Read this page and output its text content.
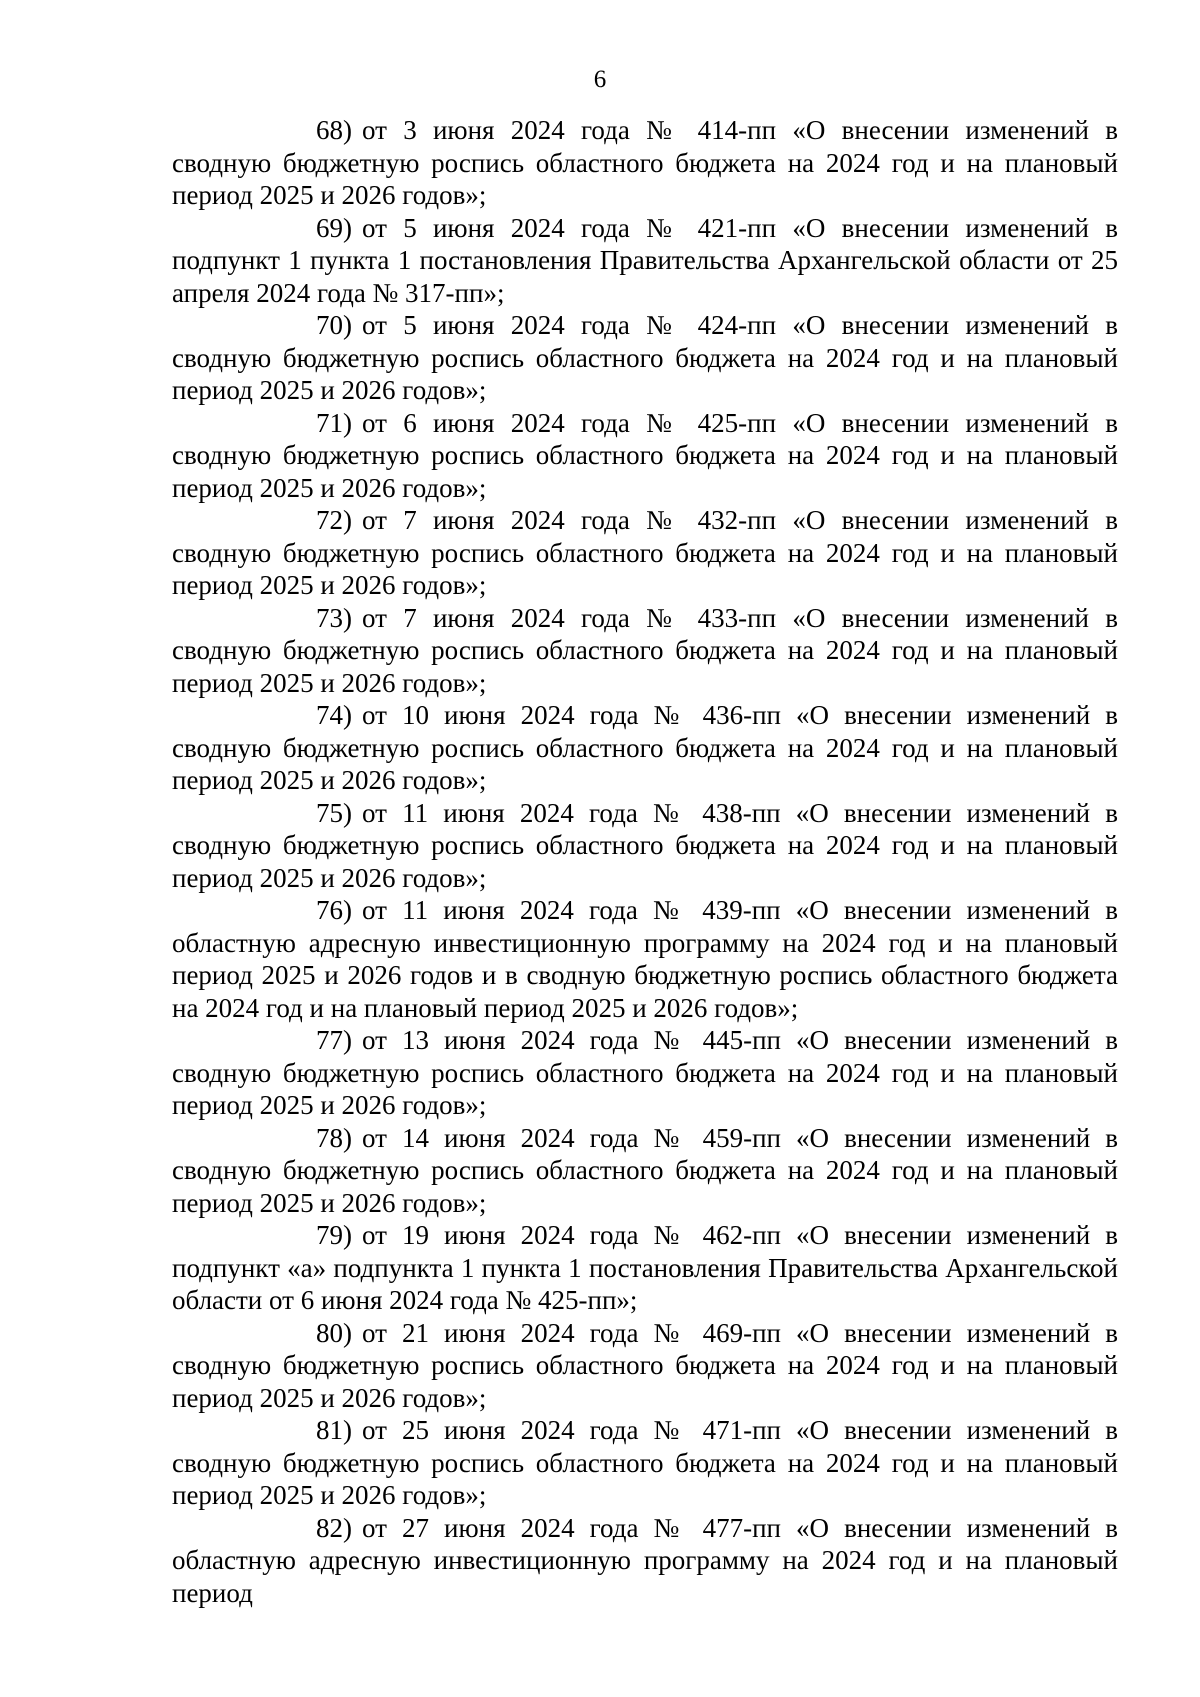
6

68) от 3 июня 2024 года № 414-пп «О внесении изменений в сводную бюджетную роспись областного бюджета на 2024 год и на плановый период 2025 и 2026 годов»;

69) от 5 июня 2024 года № 421-пп «О внесении изменений в подпункт 1 пункта 1 постановления Правительства Архангельской области от 25 апреля 2024 года № 317-пп»;

70) от 5 июня 2024 года № 424-пп «О внесении изменений в сводную бюджетную роспись областного бюджета на 2024 год и на плановый период 2025 и 2026 годов»;

71) от 6 июня 2024 года № 425-пп «О внесении изменений в сводную бюджетную роспись областного бюджета на 2024 год и на плановый период 2025 и 2026 годов»;

72) от 7 июня 2024 года № 432-пп «О внесении изменений в сводную бюджетную роспись областного бюджета на 2024 год и на плановый период 2025 и 2026 годов»;

73) от 7 июня 2024 года № 433-пп «О внесении изменений в сводную бюджетную роспись областного бюджета на 2024 год и на плановый период 2025 и 2026 годов»;

74) от 10 июня 2024 года № 436-пп «О внесении изменений в сводную бюджетную роспись областного бюджета на 2024 год и на плановый период 2025 и 2026 годов»;

75) от 11 июня 2024 года № 438-пп «О внесении изменений в сводную бюджетную роспись областного бюджета на 2024 год и на плановый период 2025 и 2026 годов»;

76) от 11 июня 2024 года № 439-пп «О внесении изменений в областную адресную инвестиционную программу на 2024 год и на плановый период 2025 и 2026 годов и в сводную бюджетную роспись областного бюджета на 2024 год и на плановый период 2025 и 2026 годов»;

77) от 13 июня 2024 года № 445-пп «О внесении изменений в сводную бюджетную роспись областного бюджета на 2024 год и на плановый период 2025 и 2026 годов»;

78) от 14 июня 2024 года № 459-пп «О внесении изменений в сводную бюджетную роспись областного бюджета на 2024 год и на плановый период 2025 и 2026 годов»;

79) от 19 июня 2024 года № 462-пп «О внесении изменений в подпункт «а» подпункта 1 пункта 1 постановления Правительства Архангельской области от 6 июня 2024 года № 425-пп»;

80) от 21 июня 2024 года № 469-пп «О внесении изменений в сводную бюджетную роспись областного бюджета на 2024 год и на плановый период 2025 и 2026 годов»;

81) от 25 июня 2024 года № 471-пп «О внесении изменений в сводную бюджетную роспись областного бюджета на 2024 год и на плановый период 2025 и 2026 годов»;

82) от 27 июня 2024 года № 477-пп «О внесении изменений в областную адресную инвестиционную программу на 2024 год и на плановый период
